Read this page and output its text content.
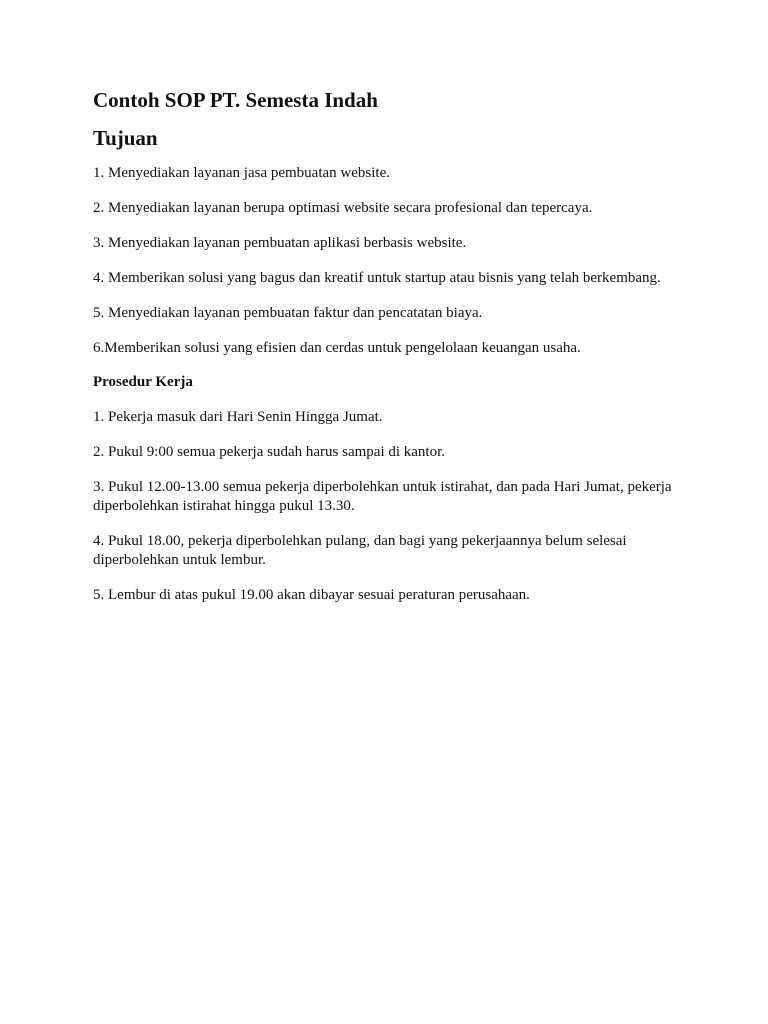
Contoh SOP PT. Semesta Indah
Tujuan

1. Menyediakan layanan jasa pembuatan website.

2. Menyediakan layanan berupa optimasi website secara profesional dan tepercaya.

3. Menyediakan layanan pembuatan aplikasi berbasis website.

4. Memberikan solusi yang bagus dan kreatif untuk startup atau bisnis yang telah berkembang.

5. Menyediakan layanan pembuatan faktur dan pencatatan biaya.

6.Memberikan solusi yang efisien dan cerdas untuk pengelolaan keuangan usaha.

Prosedur Kerja

1. Pekerja masuk dari Hari Senin Hingga Jumat.

2. Pukul 9:00 semua pekerja sudah harus sampai di kantor.

3. Pukul 12.00-13.00 semua pekerja diperbolehkan untuk istirahat, dan pada Hari Jumat, pekerja diperbolehkan istirahat hingga pukul 13.30.

4. Pukul 18.00, pekerja diperbolehkan pulang, dan bagi yang pekerjaannya belum selesai diperbolehkan untuk lembur.

5. Lembur di atas pukul 19.00 akan dibayar sesuai peraturan perusahaan.
